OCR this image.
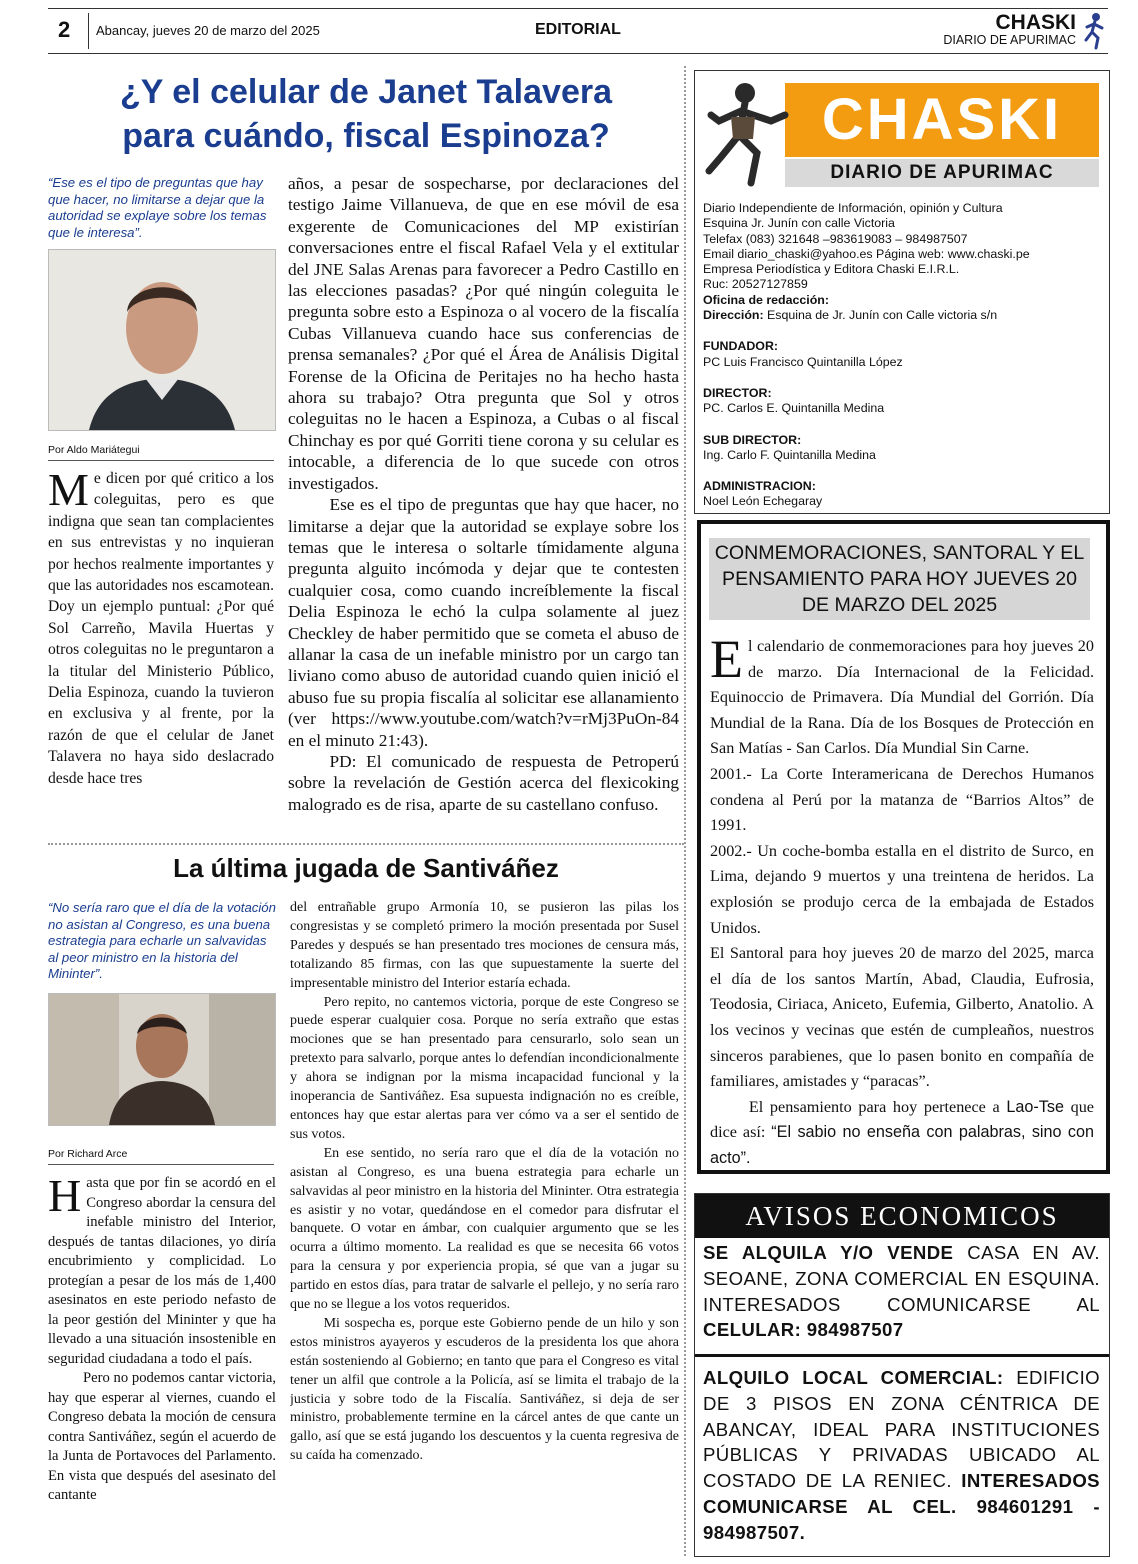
2 Abancay, jueves 20 de marzo del 2025	EDITORIAL	CHASKI
DIARIO DE APURIMAC
¿Y el celular de Janet Talavera
para cuándo, fiscal Espinoza?
“Ese es el tipo de preguntas que hay que hacer, no limitarse a dejar que la autoridad se explaye sobre los temas que le interesa”.
Por Aldo Mariátegui
Me dicen por qué critico a los coleguitas, pero es que indigna que sean tan complacientes en sus entrevistas y no inquieran por hechos realmente importantes y que las autoridades nos escamotean. Doy un ejemplo puntual: ¿Por qué Sol Carreño, Mavila Huertas y otros coleguitas no le preguntaron a la titular del Ministerio Público, Delia Espinoza, cuando la tuvieron en exclusiva y al frente, por la razón de que el celular de Janet Talavera no haya sido deslacrado desde hace tres

años, a pesar de sospecharse, por declaraciones del testigo Jaime Villanueva, de que en ese móvil de esa exgerente de Comunicaciones del MP existirían conversaciones entre el fiscal Rafael Vela y el extitular del JNE Salas Arenas para favorecer a Pedro Castillo en las elecciones pasadas? ¿Por qué ningún coleguita le pregunta sobre esto a Espinoza o al vocero de la fiscalía Cubas Villanueva cuando hace sus conferencias de prensa semanales? ¿Por qué el Área de Análisis Digital Forense de la Oficina de Peritajes no ha hecho hasta ahora su trabajo? Otra pregunta que Sol y otros coleguitas no le hacen a Espinoza, a Cubas o al fiscal Chinchay es por qué Gorriti tiene corona y su celular es intocable, a diferencia de lo que sucede con otros investigados.

Ese es el tipo de preguntas que hay que hacer, no limitarse a dejar que la autoridad se explaye sobre los temas que le interesa o soltarle tímidamente alguna pregunta alguito incómoda y dejar que te contesten cualquier cosa, como cuando increíblemente la fiscal Delia Espinoza le echó la culpa solamente al juez Checkley de haber permitido que se cometa el abuso de allanar la casa de un inefable ministro por un cargo tan liviano como abuso de autoridad cuando quien inició el abuso fue su propia fiscalía al solicitar ese allanamiento (ver https://www.youtube.com/watch?v=rMj3PuOn-84 en el minuto 21:43).

PD: El comunicado de respuesta de Petroperú sobre la revelación de Gestión acerca del flexicoking malogrado es de risa, aparte de su castellano confuso.

La última jugada de Santiváñez
“No sería raro que el día de la votación no asistan al Congreso, es una buena estrategia para echarle un salvavidas al peor ministro en la historia del Mininter”.
Por Richard Arce

Hasta que por fin se acordó en el Congreso abordar la censura del inefable ministro del Interior, después de tantas dilaciones, yo diría encubrimiento y complicidad. Lo protegían a pesar de los más de 1,400 asesinatos en este periodo nefasto de la peor gestión del Mininter y que ha llevado a una situación insostenible en seguridad ciudadana a todo el país.

Pero no podemos cantar victoria, hay que esperar al viernes, cuando el Congreso debata la moción de censura contra Santiváñez, según el acuerdo de la Junta de Portavoces del Parlamento. En vista que después del asesinato del cantante

del entrañable grupo Armonía 10, se pusieron las pilas los congresistas y se completó primero la moción presentada por Susel Paredes y después se han presentado tres mociones de censura más, totalizando 85 firmas, con las que supuestamente la suerte del impresentable ministro del Interior estaría echada.

Pero repito, no cantemos victoria, porque de este Congreso se puede esperar cualquier cosa. Porque no sería extraño que estas mociones que se han presentado para censurarlo, solo sean un pretexto para salvarlo, porque antes lo defendían incondicionalmente y ahora se indignan por la misma incapacidad funcional y la inoperancia de Santiváñez. Esa supuesta indignación no es creíble, entonces hay que estar alertas para ver cómo va a ser el sentido de sus votos.

En ese sentido, no sería raro que el día de la votación no asistan al Congreso, es una buena estrategia para echarle un salvavidas al peor ministro en la historia del Mininter. Otra estrategia es asistir y no votar, quedándose en el comedor para disfrutar el banquete. O votar en ámbar, con cualquier argumento que se les ocurra a último momento. La realidad es que se necesita 66 votos para la censura y por experiencia propia, sé que van a jugar su partido en estos días, para tratar de salvarle el pellejo, y no sería raro que no se llegue a los votos requeridos.

Mi sospecha es, porque este Gobierno pende de un hilo y son estos ministros ayayeros y escuderos de la presidenta los que ahora están sosteniendo al Gobierno; en tanto que para el Congreso es vital tener un alfil que controle a la Policía, así se limita el trabajo de la justicia y sobre todo de la Fiscalía. Santiváñez, si deja de ser ministro, probablemente termine en la cárcel antes de que cante un gallo, así que se está jugando los descuentos y la cuenta regresiva de su caída ha comenzado.

CHASKI
DIARIO DE APURIMAC
Diario Independiente de Información, opinión y Cultura
Esquina Jr. Junín con calle Victoria
Telefax (083) 321648 –983619083 – 984987507
Email diario_chaski@yahoo.es Página web: www.chaski.pe
Empresa Periodística y Editora Chaski E.I.R.L.
Ruc: 20527127859
Oficina de redacción:
Dirección: Esquina de Jr. Junín con Calle victoria s/n
FUNDADOR:
PC Luis Francisco Quintanilla López
DIRECTOR:
PC. Carlos E. Quintanilla Medina
SUB DIRECTOR:
Ing. Carlo F. Quintanilla Medina
ADMINISTRACION:
Noel León Echegaray
CONMEMORACIONES, SANTORAL Y EL PENSAMIENTO PARA HOY JUEVES 20 DE MARZO DEL 2025

El calendario de conmemoraciones para hoy jueves 20 de marzo. Día Internacional de la Felicidad. Equinoccio de Primavera. Día Mundial del Gorrión. Día Mundial de la Rana. Día de los Bosques de Protección en San Matías - San Carlos. Día Mundial Sin Carne.

2001.- La Corte Interamericana de Derechos Humanos condena al Perú por la matanza de “Barrios Altos” de 1991.

2002.- Un coche-bomba estalla en el distrito de Surco, en Lima, dejando 9 muertos y una treintena de heridos. La explosión se produjo cerca de la embajada de Estados Unidos.

El Santoral para hoy jueves 20 de marzo del 2025, marca el día de los santos Martín, Abad, Claudia, Eufrosia, Teodosia, Ciriaca, Aniceto, Eufemia, Gilberto, Anatolio. A los vecinos y vecinas que estén de cumpleaños, nuestros sinceros parabienes, que lo pasen bonito en compañía de familiares, amistades y “paracas”.

El pensamiento para hoy pertenece a Lao-Tse que dice así: “El sabio no enseña con palabras, sino con acto”.

AVISOS ECONOMICOS
SE ALQUILA Y/O VENDE CASA EN AV. SEOANE, ZONA COMERCIAL EN ESQUINA. INTERESADOS COMUNICARSE AL CELULAR: 984987507
ALQUILO LOCAL COMERCIAL: EDIFICIO DE 3 PISOS EN ZONA CÉNTRICA DE ABANCAY, IDEAL PARA INSTITUCIONES PÚBLICAS Y PRIVADAS UBICADO AL COSTADO DE LA RENIEC. INTERESADOS COMUNICARSE AL CEL. 984601291 - 984987507.
